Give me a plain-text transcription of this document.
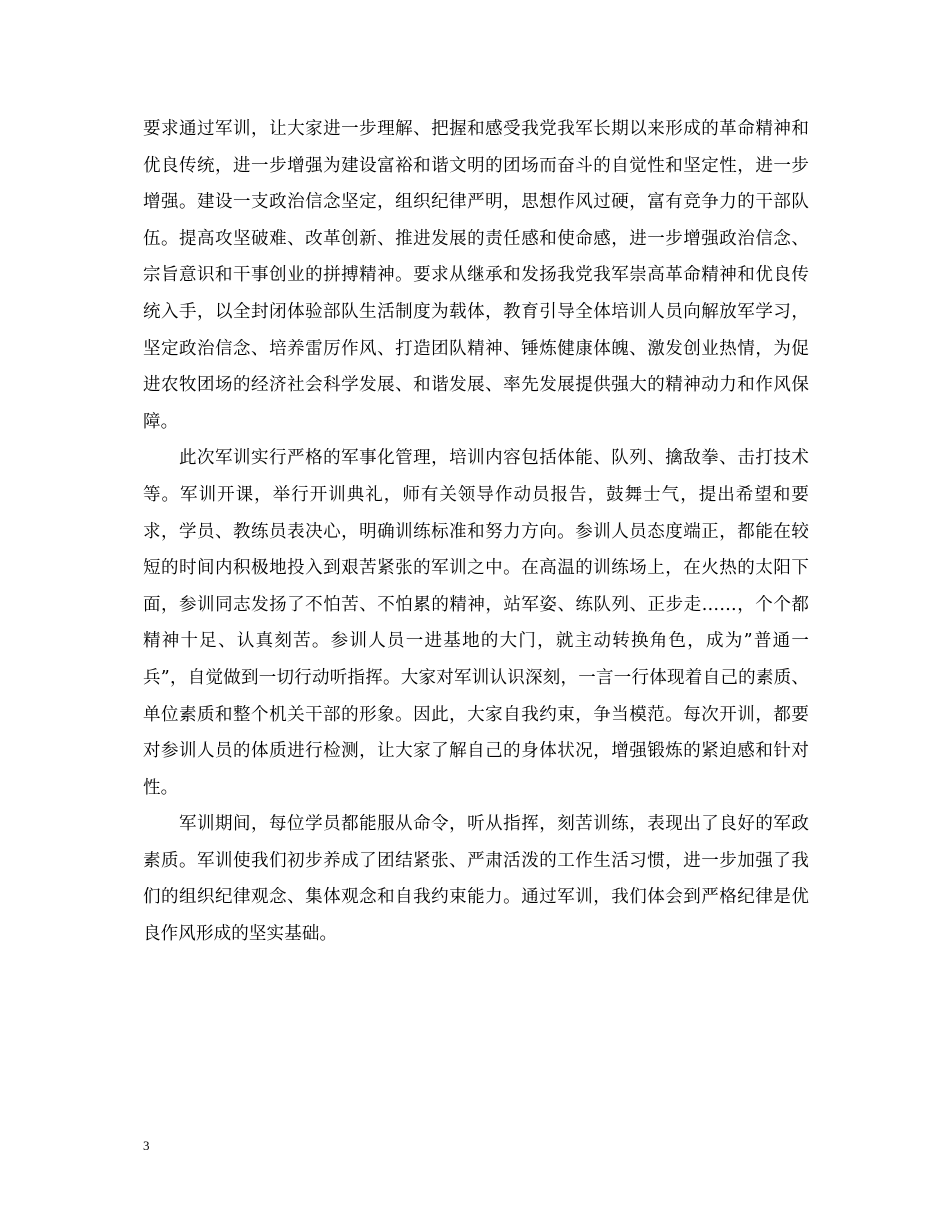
要求通过军训，让大家进一步理解、把握和感受我党我军长期以来形成的革命精神和优良传统，进一步增强为建设富裕和谐文明的团场而奋斗的自觉性和坚定性，进一步增强。建设一支政治信念坚定，组织纪律严明，思想作风过硬，富有竞争力的干部队伍。提高攻坚破难、改革创新、推进发展的责任感和使命感，进一步增强政治信念、宗旨意识和干事创业的拼搏精神。要求从继承和发扬我党我军崇高革命精神和优良传统入手，以全封闭体验部队生活制度为载体，教育引导全体培训人员向解放军学习，坚定政治信念、培养雷厉作风、打造团队精神、锤炼健康体魄、激发创业热情，为促进农牧团场的经济社会科学发展、和谐发展、率先发展提供强大的精神动力和作风保障。

此次军训实行严格的军事化管理，培训内容包括体能、队列、擒敌拳、击打技术等。军训开课，举行开训典礼，师有关领导作动员报告，鼓舞士气，提出希望和要求，学员、教练员表决心，明确训练标准和努力方向。参训人员态度端正，都能在较短的时间内积极地投入到艰苦紧张的军训之中。在高温的训练场上，在火热的太阳下面，参训同志发扬了不怕苦、不怕累的精神，站军姿、练队列、正步走……，个个都精神十足、认真刻苦。参训人员一进基地的大门，就主动转换角色，成为”普通一兵”，自觉做到一切行动听指挥。大家对军训认识深刻，一言一行体现着自己的素质、单位素质和整个机关干部的形象。因此，大家自我约束，争当模范。每次开训，都要对参训人员的体质进行检测，让大家了解自己的身体状况，增强锻炼的紧迫感和针对性。

军训期间，每位学员都能服从命令，听从指挥，刻苦训练，表现出了良好的军政素质。军训使我们初步养成了团结紧张、严肃活泼的工作生活习惯，进一步加强了我们的组织纪律观念、集体观念和自我约束能力。通过军训，我们体会到严格纪律是优良作风形成的坚实基础。

3
